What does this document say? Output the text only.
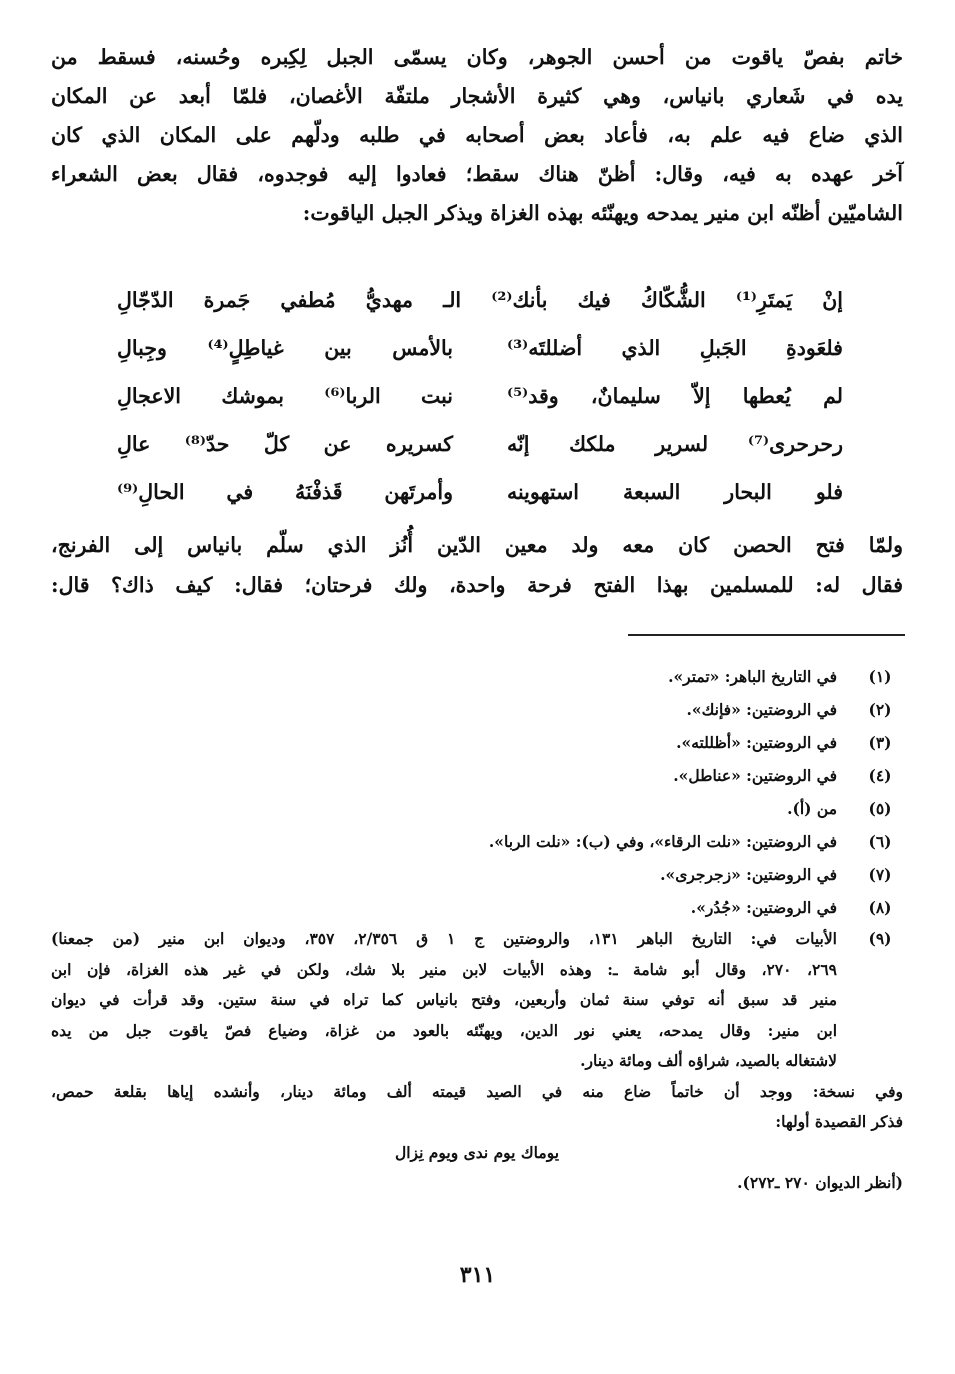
خاتم بفصّ ياقوت من أحسن الجوهر، وكان يسمّى الجبل لِكِبره وحُسنه، فسقط من
يده في شَعاري بانياس، وهي كثيرة الأشجار ملتفّة الأغصان، فلمّا أبعد عن المكان
الذي ضاع فيه علم به، فأعاد بعض أصحابه في طلبه ودلّهم على المكان الذي كان
آخر عهده به فيه، وقال: أظنّ هناك سقط؛ فعادوا إليه فوجدوه، فقال بعض الشعراء
الشاميّين أظنّه ابن منير يمدحه ويهنّئه بهذه الغزاة ويذكر الجبل الياقوت:
إنْ يَمتَرِ⁽¹⁾ الشُّكّاكُ فيك بأنك⁽²⁾ الـ مهديُّ مُطفي جَمرة الدّجّالِ
فلعَودةِ الجَبلِ الذي أضللتَه⁽³⁾
بالأمس بين غياطِلٍ⁽⁴⁾ وجِبالِ
لم يُعطها إلاّ سليمانٌ، وقد⁽⁵⁾
نبت الربا⁽⁶⁾ بموشك الاعجالِ
رحرحرى⁽⁷⁾ لسرير ملكك إنّه
كسريره عن كلّ حدّ⁽⁸⁾ عالِ
فلو البحار السبعة استهوينه
وأمرتَهن قَذفْنَهُ في الحالِ⁽⁹⁾
ولمّا فتح الحصن كان معه ولد معين الدّين أُنُز الذي سلّم بانياس إلى الفرنج،
فقال له: للمسلمين بهذا الفتح فرحة واحدة، ولك فرحتان؛ فقال: كيف ذاك؟ قال:
(١)
في التاريخ الباهر: «تمتر».
(٢)
في الروضتين: «فإنك».
(٣)
في الروضتين: «أظللته».
(٤)
في الروضتين: «عناطل».
(٥)
من (أ).
(٦)
في الروضتين: «نلت الرقاء»، وفي (ب): «نلت الربا».
(٧)
في الروضتين: «زجرجرى».
(٨)
في الروضتين: «جُدُر».
(٩)
الأبيات في: التاريخ الباهر ١٣١، والروضتين ج ١ ق ٢/٣٥٦، ٣٥٧، وديوان ابن منير (من جمعنا)
٢٦٩، ٢٧٠، وقال أبو شامة ـ: وهذه الأبيات لابن منير بلا شك، ولكن في غير هذه الغزاة، فإن ابن
منير قد سبق أنه توفي سنة ثمان وأربعين، وفتح بانياس كما تراه في سنة ستين. وقد قرأت في ديوان
ابن منير: وقال يمدحه، يعني نور الدين، ويهنّئه بالعود من غزاة، وضياع فصّ ياقوت جبل من يده
لاشتغاله بالصيد، شراؤه ألف ومائة دينار.
وفي نسخة: ووجد أن خاتماً ضاع منه في الصيد قيمته ألف ومائة دينار، وأنشده إياها بقلعة حمص،
فذكر القصيدة أولها:
يوماك يوم ندى ويوم نِزال
(أنظر الديوان ٢٧٠ ـ٢٧٢).
٣١١
